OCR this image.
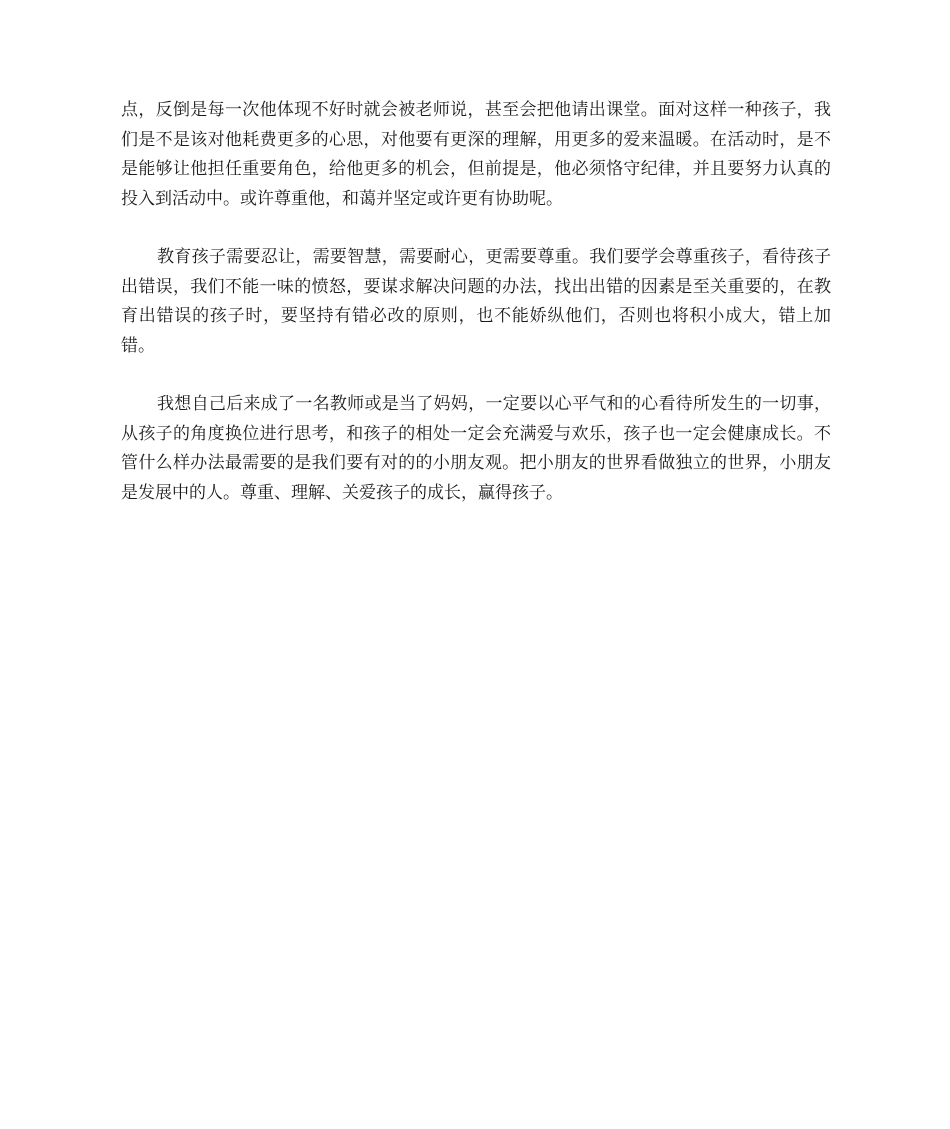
点，反倒是每一次他体现不好时就会被老师说，甚至会把他请出课堂。面对这样一种孩子，我们是不是该对他耗费更多的心思，对他要有更深的理解，用更多的爱来温暖。在活动时，是不是能够让他担任重要角色，给他更多的机会，但前提是，他必须恪守纪律，并且要努力认真的投入到活动中。或许尊重他，和蔼并坚定或许更有协助呢。

教育孩子需要忍让，需要智慧，需要耐心，更需要尊重。我们要学会尊重孩子，看待孩子出错误，我们不能一味的愤怒，要谋求解决问题的办法，找出出错的因素是至关重要的，在教育出错误的孩子时，要坚持有错必改的原则，也不能娇纵他们，否则也将积小成大，错上加错。

我想自己后来成了一名教师或是当了妈妈，一定要以心平气和的心看待所发生的一切事，从孩子的角度换位进行思考，和孩子的相处一定会充满爱与欢乐，孩子也一定会健康成长。不管什么样办法最需要的是我们要有对的的小朋友观。把小朋友的世界看做独立的世界，小朋友是发展中的人。尊重、理解、关爱孩子的成长，赢得孩子。
